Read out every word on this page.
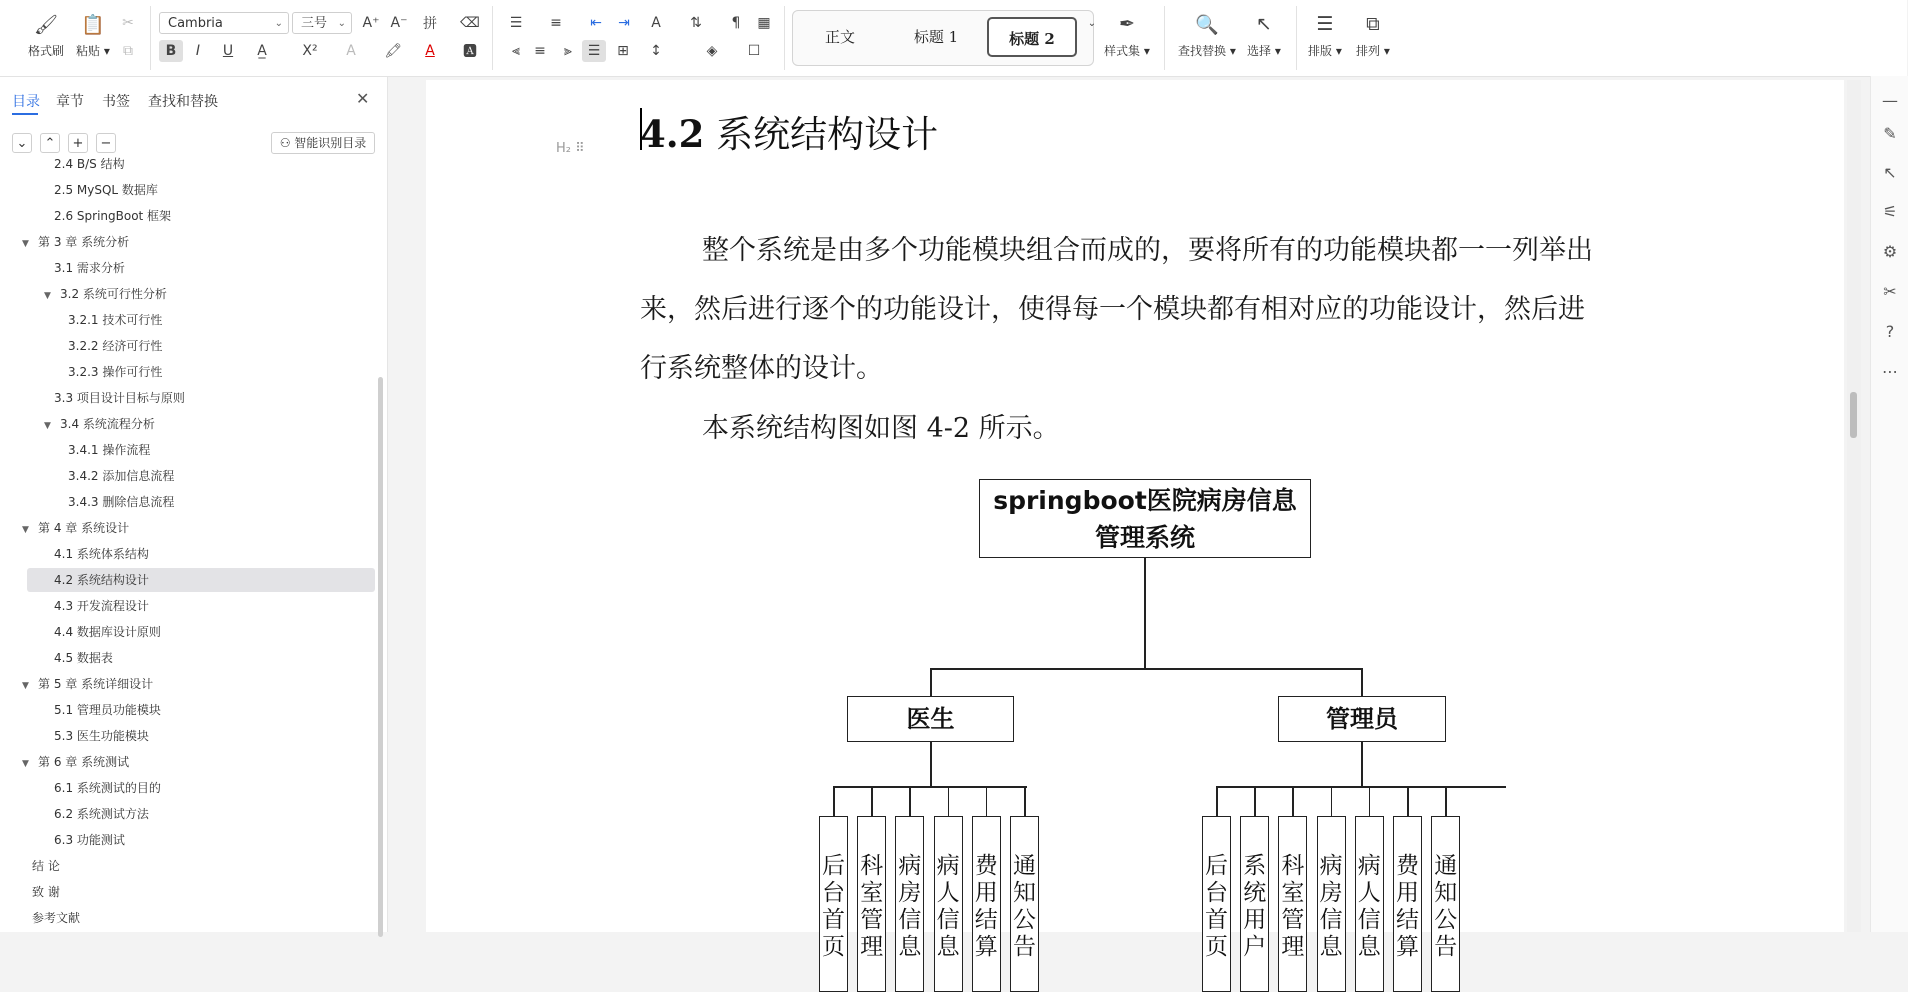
🖌
格式刷
📋
粘贴 ▾
✂
⧉
Cambria	⌄	三号 ⌄ A⁺ A⁻	拼	⌫
B	I	U	A̲	X²	A	🖍	A	🅰
☰	≡	⇤	⇥	A	⇅	¶	▦
⫷	≡	⫸	☰	⊞	↕	◈	☐
正文	标题 1	标题 2
⌄	✒
样式集 ▾
🔍
查找替换 ▾
↖
选择 ▾
☰
排版 ▾
⧉
排列 ▾
目录 章节 书签 查找和替换	✕
⌄	⌃	+	−	⚇ 智能识别目录
2.4 B/S 结构
2.5 MySQL 数据库
2.6 SpringBoot 框架
▼ 第 3 章 系统分析
3.1 需求分析
▼ 3.2 系统可行性分析
3.2.1 技术可行性
3.2.2 经济可行性
3.2.3 操作可行性
3.3 项目设计目标与原则
▼ 3.4 系统流程分析
3.4.1 操作流程
3.4.2 添加信息流程
3.4.3 删除信息流程
▼ 第 4 章 系统设计
4.1 系统体系结构
4.2 系统结构设计
4.3 开发流程设计
4.4 数据库设计原则
4.5 数据表
▼ 第 5 章 系统详细设计
5.1 管理员功能模块
5.3 医生功能模块
▼ 第 6 章 系统测试
6.1 系统测试的目的
6.2 系统测试方法
6.3 功能测试
结 论
致 谢
参考文献
H₂ ⠿ 4.2 系统结构设计
整个系统是由多个功能模块组合而成的，要将所有的功能模块都一一列举出
来，然后进行逐个的功能设计，使得每一个模块都有相对应的功能设计，然后进
行系统整体的设计。
本系统结构图如图 4-2 所示。
springboot医院病房信息
管理系统
医生	管理员
后
台
首
页
科
室
管
理
病
房
信
息
病
人
信
息
费
用
结
算
通
知
公
告
后
台
首
页
系
统
用
户
科
室
管
理
病
房
信
息
病
人
信
息
费
用
结
算
通
知
公
告
—
✎
↖
⚟
⚙
✂
?
⋯
